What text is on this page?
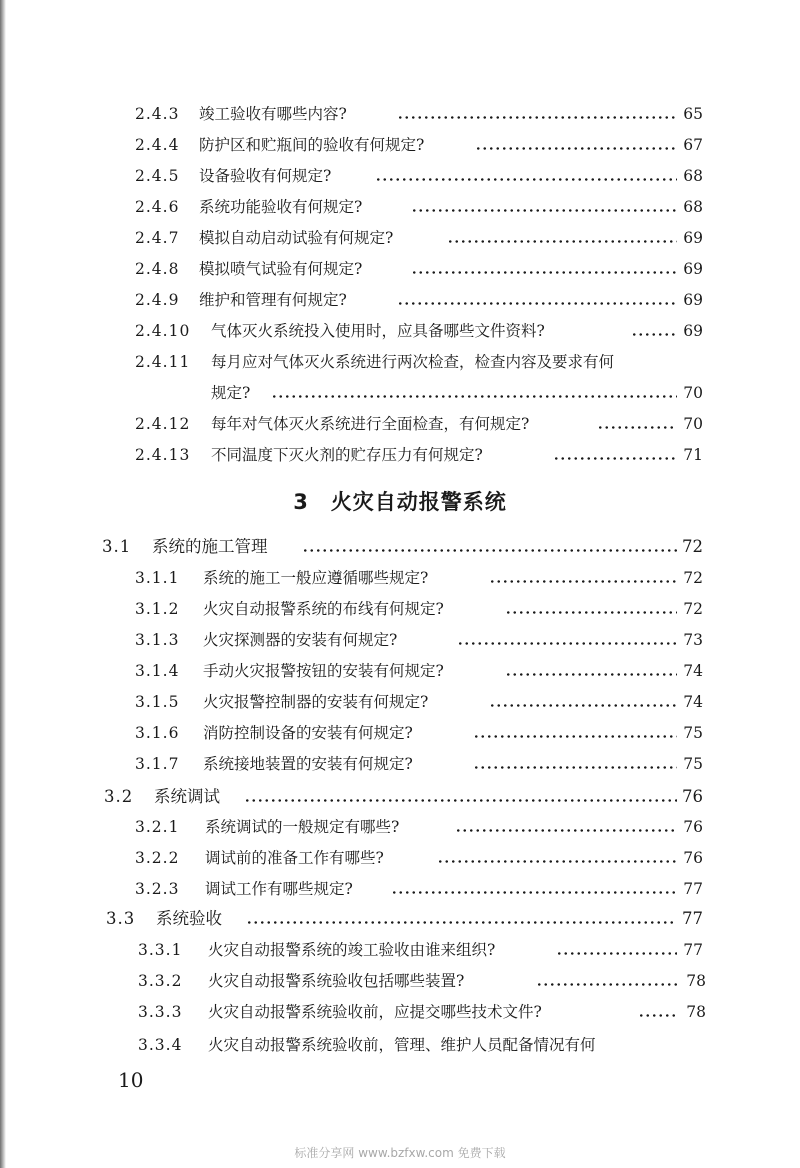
2.4.3 竣工验收有哪些内容?	65
2.4.4 防护区和贮瓶间的验收有何规定?	67
2.4.5 设备验收有何规定?	68
2.4.6 系统功能验收有何规定?	68
2.4.7 模拟自动启动试验有何规定?	69
2.4.8 模拟喷气试验有何规定?	69
2.4.9 维护和管理有何规定?	69
2.4.10 气体灭火系统投入使用时，应具备哪些文件资料?	69
2.4.11 每月应对气体灭火系统进行两次检查，检查内容及要求有何
规定?	70
2.4.12 每年对气体灭火系统进行全面检查，有何规定?	70
2.4.13 不同温度下灭火剂的贮存压力有何规定?	71
3　火灾自动报警系统
3.1 系统的施工管理	72
3.1.1 系统的施工一般应遵循哪些规定?	72
3.1.2 火灾自动报警系统的布线有何规定?	72
3.1.3 火灾探测器的安装有何规定?	73
3.1.4 手动火灾报警按钮的安装有何规定?	74
3.1.5 火灾报警控制器的安装有何规定?	74
3.1.6 消防控制设备的安装有何规定?	75
3.1.7 系统接地装置的安装有何规定?	75
3.2 系统调试	76
3.2.1 系统调试的一般规定有哪些?	76
3.2.2 调试前的准备工作有哪些?	76
3.2.3 调试工作有哪些规定?	77
3.3 系统验收	77
3.3.1 火灾自动报警系统的竣工验收由谁来组织?	77
3.3.2 火灾自动报警系统验收包括哪些装置?	78
3.3.3 火灾自动报警系统验收前，应提交哪些技术文件?	78
3.3.4 火灾自动报警系统验收前，管理、维护人员配备情况有何
10
标准分享网 www.bzfxw.com 免费下载
